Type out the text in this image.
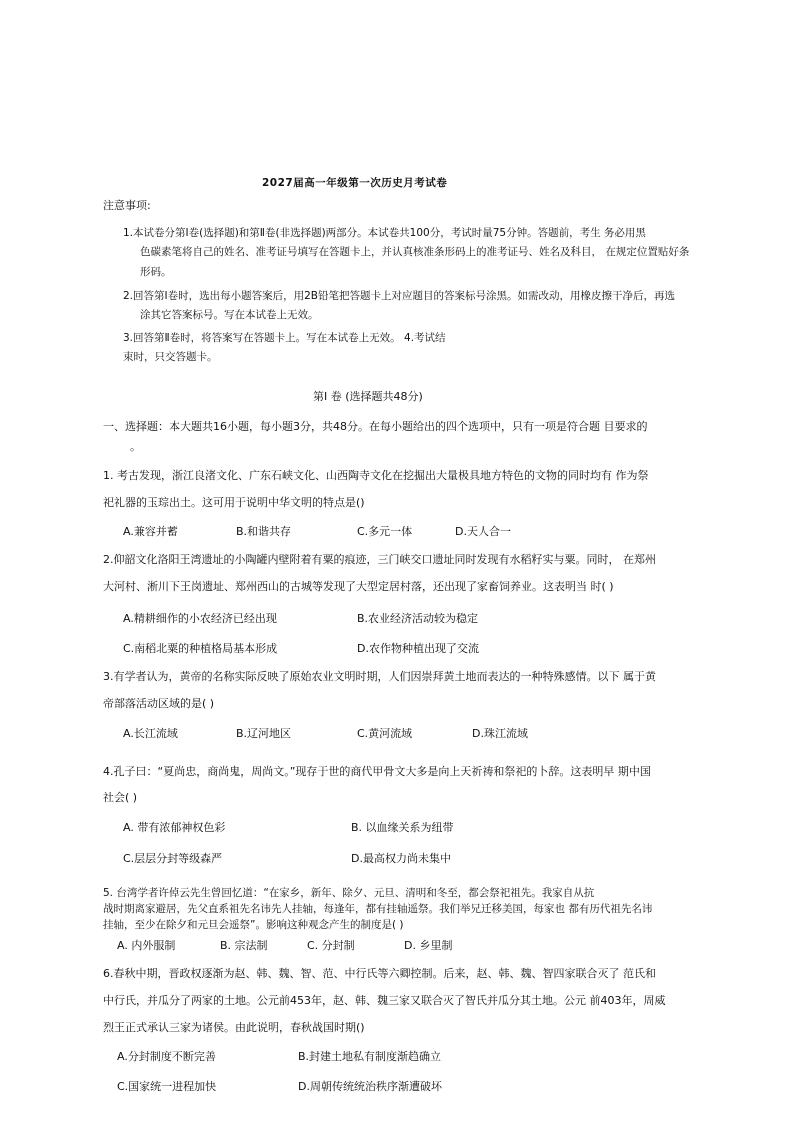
2027届高一年级第一次历史月考试卷
注意事项:
1.本试卷分第Ⅰ卷(选择题)和第Ⅱ卷(非选择题)两部分。本试卷共100分，考试时量75分钟。答题前，考生 务必用黑
色碳素笔将自己的姓名、准考证号填写在答题卡上，并认真核准条形码上的准考证号、姓名及科目， 在规定位置贴好条
形码。
2.回答第Ⅰ卷时，选出每小题答案后，用2B铅笔把答题卡上对应题目的答案标号涂黑。如需改动，用橡皮擦干净后，再选
涂其它答案标号。写在本试卷上无效。
3.回答第Ⅱ卷时，将答案写在答题卡上。写在本试卷上无效。 4.考试结
束时，只交答题卡。
第Ⅰ 卷 (选择题共48分)
一、选择题：本大题共16小题，每小题3分，共48分。在每小题给出的四个选项中，只有一项是符合题 目要求的
。
1. 考古发现，浙江良渚文化、广东石峡文化、山西陶寺文化在挖掘出大量极具地方特色的文物的同时均有 作为祭
祀礼器的玉琮出土。这可用于说明中华文明的特点是()
A.兼容并蓄	B.和谐共存	C.多元一体	D.天人合一
2.仰韶文化洛阳王湾遗址的小陶罐内壁附着有粟的痕迹，三门峡交口遗址同时发现有水稻籽实与粟。同时， 在郑州
大河村、淅川下王岗遗址、郑州西山的古城等发现了大型定居村落，还出现了家畜饲养业。这表明当 时( )
A.精耕细作的小农经济已经出现	B.农业经济活动较为稳定
C.南稻北粟的种植格局基本形成	D.农作物种植出现了交流
3.有学者认为，黄帝的名称实际反映了原始农业文明时期，人们因崇拜黄土地而表达的一种特殊感情。以下 属于黄
帝部落活动区域的是( )
A.长江流域	B.辽河地区	C.黄河流域	D.珠江流域
4.孔子曰：“夏尚忠，商尚鬼，周尚文。”现存于世的商代甲骨文大多是向上天祈祷和祭祀的卜辞。这表明早 期中国
社会( )
A. 带有浓郁神权色彩	B. 以血缘关系为纽带
C.层层分封等级森严	D.最高权力尚未集中
5. 台湾学者许倬云先生曾回忆道：“在家乡，新年、除夕、元旦、清明和冬至，都会祭祀祖先。我家自从抗
战时期离家避居，先父直系祖先名讳先人挂轴，每逢年，都有挂轴遥祭。我们举兄迁移美国，每家也 都有历代祖先名讳
挂轴，至少在除夕和元旦会遥祭”。影响这种观念产生的制度是( )
A. 内外服制	B. 宗法制	C. 分封制	D. 乡里制
6.春秋中期，晋政权逐渐为赵、韩、魏、智、范、中行氏等六卿控制。后来，赵、韩、魏、智四家联合灭了 范氏和
中行氏，并瓜分了两家的土地。公元前453年，赵、韩、魏三家又联合灭了智氏并瓜分其土地。公元 前403年，周威
烈王正式承认三家为诸侯。由此说明，春秋战国时期()
A.分封制度不断完善	B.封建土地私有制度渐趋确立
C.国家统一进程加快	D.周朝传统统治秩序渐遭破坏
